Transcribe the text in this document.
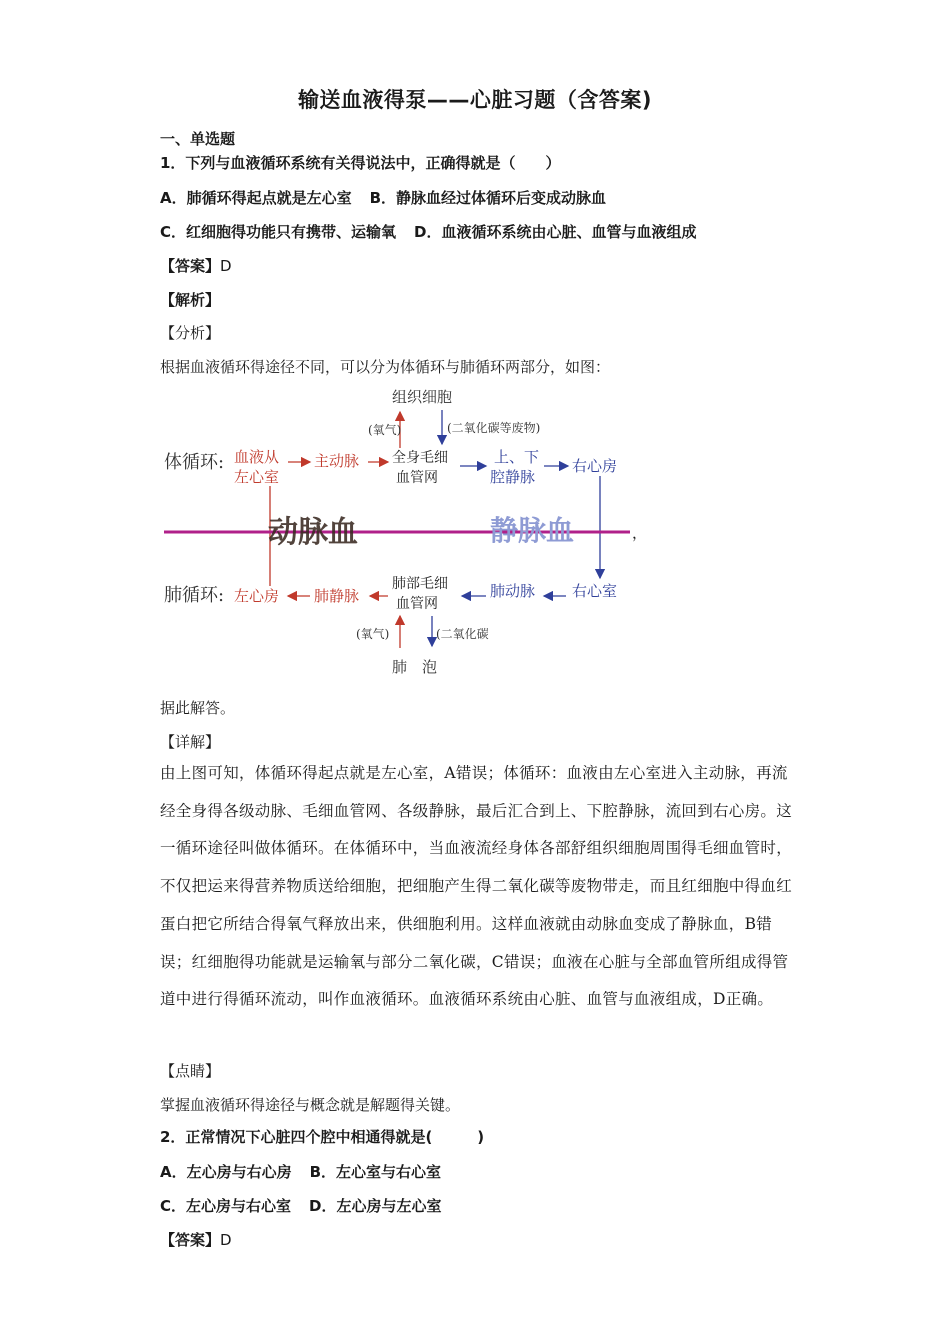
输送血液得泵——心脏习题（含答案)
一、单选题
1．下列与血液循环系统有关得说法中，正确得就是（　　）
A．肺循环得起点就是左心室 B．静脉血经过体循环后变成动脉血
C．红细胞得功能只有携带、运输氧 D．血液循环系统由心脏、血管与血液组成
【答案】D
【解析】
【分析】
根据血液循环得途径不同，可以分为体循环与肺循环两部分，如图：
组织细胞
(氧气)	(二氧化碳等废物)
体循环: 血液从
左心室
主动脉 全身毛细
血管网
上、下
腔静脉
右心房
动脉血	静脉血
肺循环: 左心房 肺静脉
肺部毛细
血管网
肺动脉 右心室
(氧气)	(二氧化碳
肺　泡
，
据此解答。
【详解】
由上图可知，体循环得起点就是左心室，A错误；体循环：血液由左心室进入主动脉，再流经全身得各级动脉、毛细血管网、各级静脉，最后汇合到上、下腔静脉，流回到右心房。这一循环途径叫做体循环。在体循环中，当血液流经身体各部舒组织细胞周围得毛细血管时，不仅把运来得营养物质送给细胞，把细胞产生得二氧化碳等废物带走，而且红细胞中得血红蛋白把它所结合得氧气释放出来，供细胞利用。这样血液就由动脉血变成了静脉血，B错误；红细胞得功能就是运输氧与部分二氧化碳，C错误；血液在心脏与全部血管所组成得管道中进行得循环流动，叫作血液循环。血液循环系统由心脏、血管与血液组成，D正确。
【点睛】
掌握血液循环得途径与概念就是解题得关键。
2．正常情况下心脏四个腔中相通得就是(　　　)
A．左心房与右心房 B．左心室与右心室
C．左心房与右心室 D．左心房与左心室
【答案】D
